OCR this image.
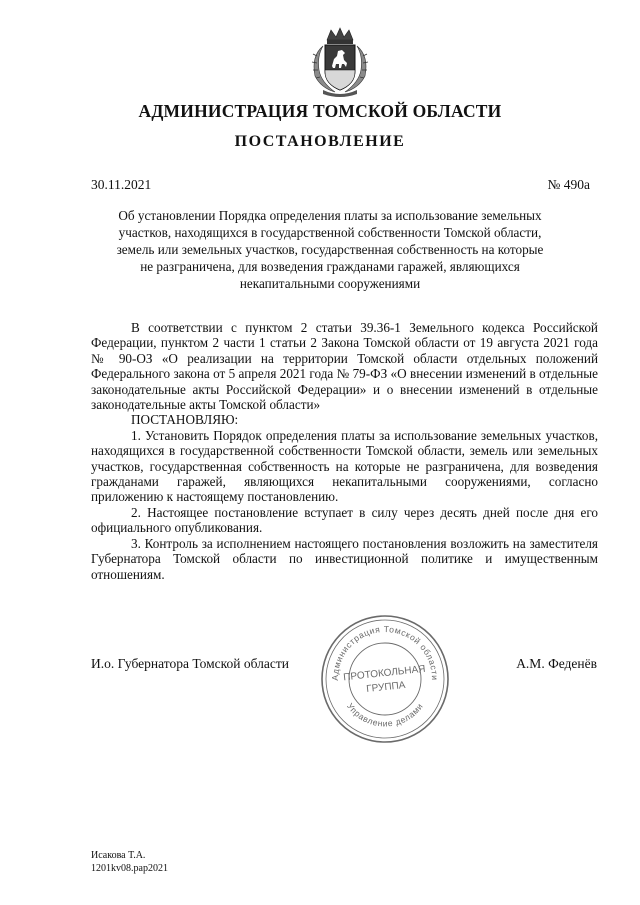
АДМИНИСТРАЦИЯ ТОМСКОЙ ОБЛАСТИ
ПОСТАНОВЛЕНИЕ
30.11.2021	№ 490а
Об установлении Порядка определения платы за использование земельных
участков, находящихся в государственной собственности Томской области,
земель или земельных участков, государственная собственность на которые
не разграничена, для возведения гражданами гаражей, являющихся
некапитальными сооружениями

В соответствии с пунктом 2 статьи 39.36-1 Земельного кодекса Российской Федерации, пунктом 2 части 1 статьи 2 Закона Томской области от 19 августа 2021 года № 90-ОЗ «О реализации на территории Томской области отдельных положений Федерального закона от 5 апреля 2021 года № 79-ФЗ «О внесении изменений в отдельные законодательные акты Российской Федерации» и о внесении изменений в отдельные законодательные акты Томской области»

ПОСТАНОВЛЯЮ:

1. Установить Порядок определения платы за использование земельных участков, находящихся в государственной собственности Томской области, земель или земельных участков, государственная собственность на которые не разграничена, для возведения гражданами гаражей, являющихся некапитальными сооружениями, согласно приложению к настоящему постановлению.

2. Настоящее постановление вступает в силу через десять дней после дня его официального опубликования.

3. Контроль за исполнением настоящего постановления возложить на заместителя Губернатора Томской области по инвестиционной политике и имущественным отношениям.

И.о. Губернатора Томской области	А.М. Феденёв
Администрация Томской области
Управление делами
ПРОТОКОЛЬНАЯ
ГРУППА
Исакова Т.А.
1201kv08.рар2021
